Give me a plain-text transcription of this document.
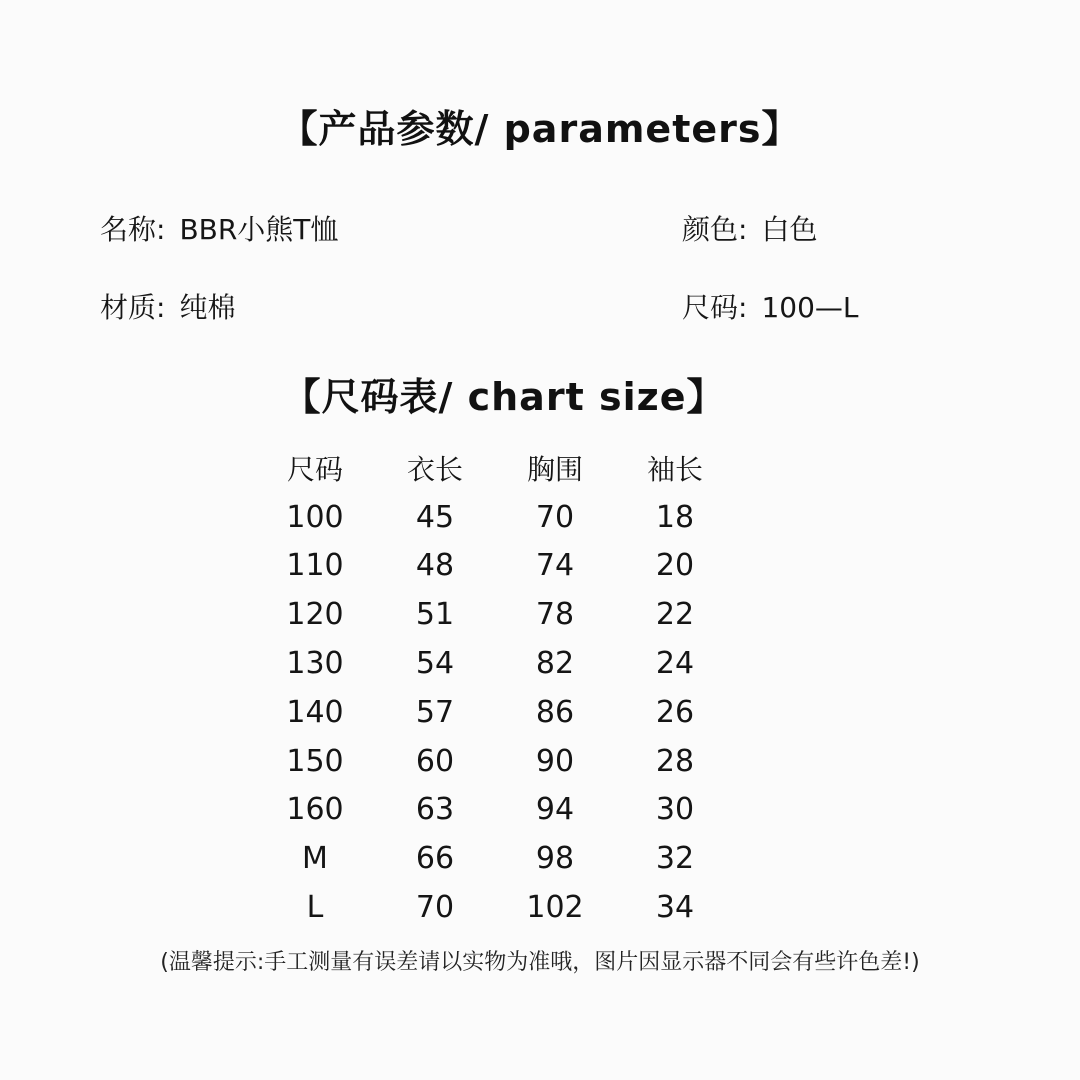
【产品参数/ parameters】
名称: BBR小熊T恤	颜色: 白色
材质: 纯棉	尺码: 100—L
【尺码表/ chart size】
尺码	衣长	胸围	袖长
100	45	70	18
110	48	74	20
120	51	78	22
130	54	82	24
140	57	86	26
150	60	90	28
160	63	94	30
M	66	98	32
L	70	102	34
(温馨提示:手工测量有误差请以实物为准哦，图片因显示器不同会有些许色差!)
